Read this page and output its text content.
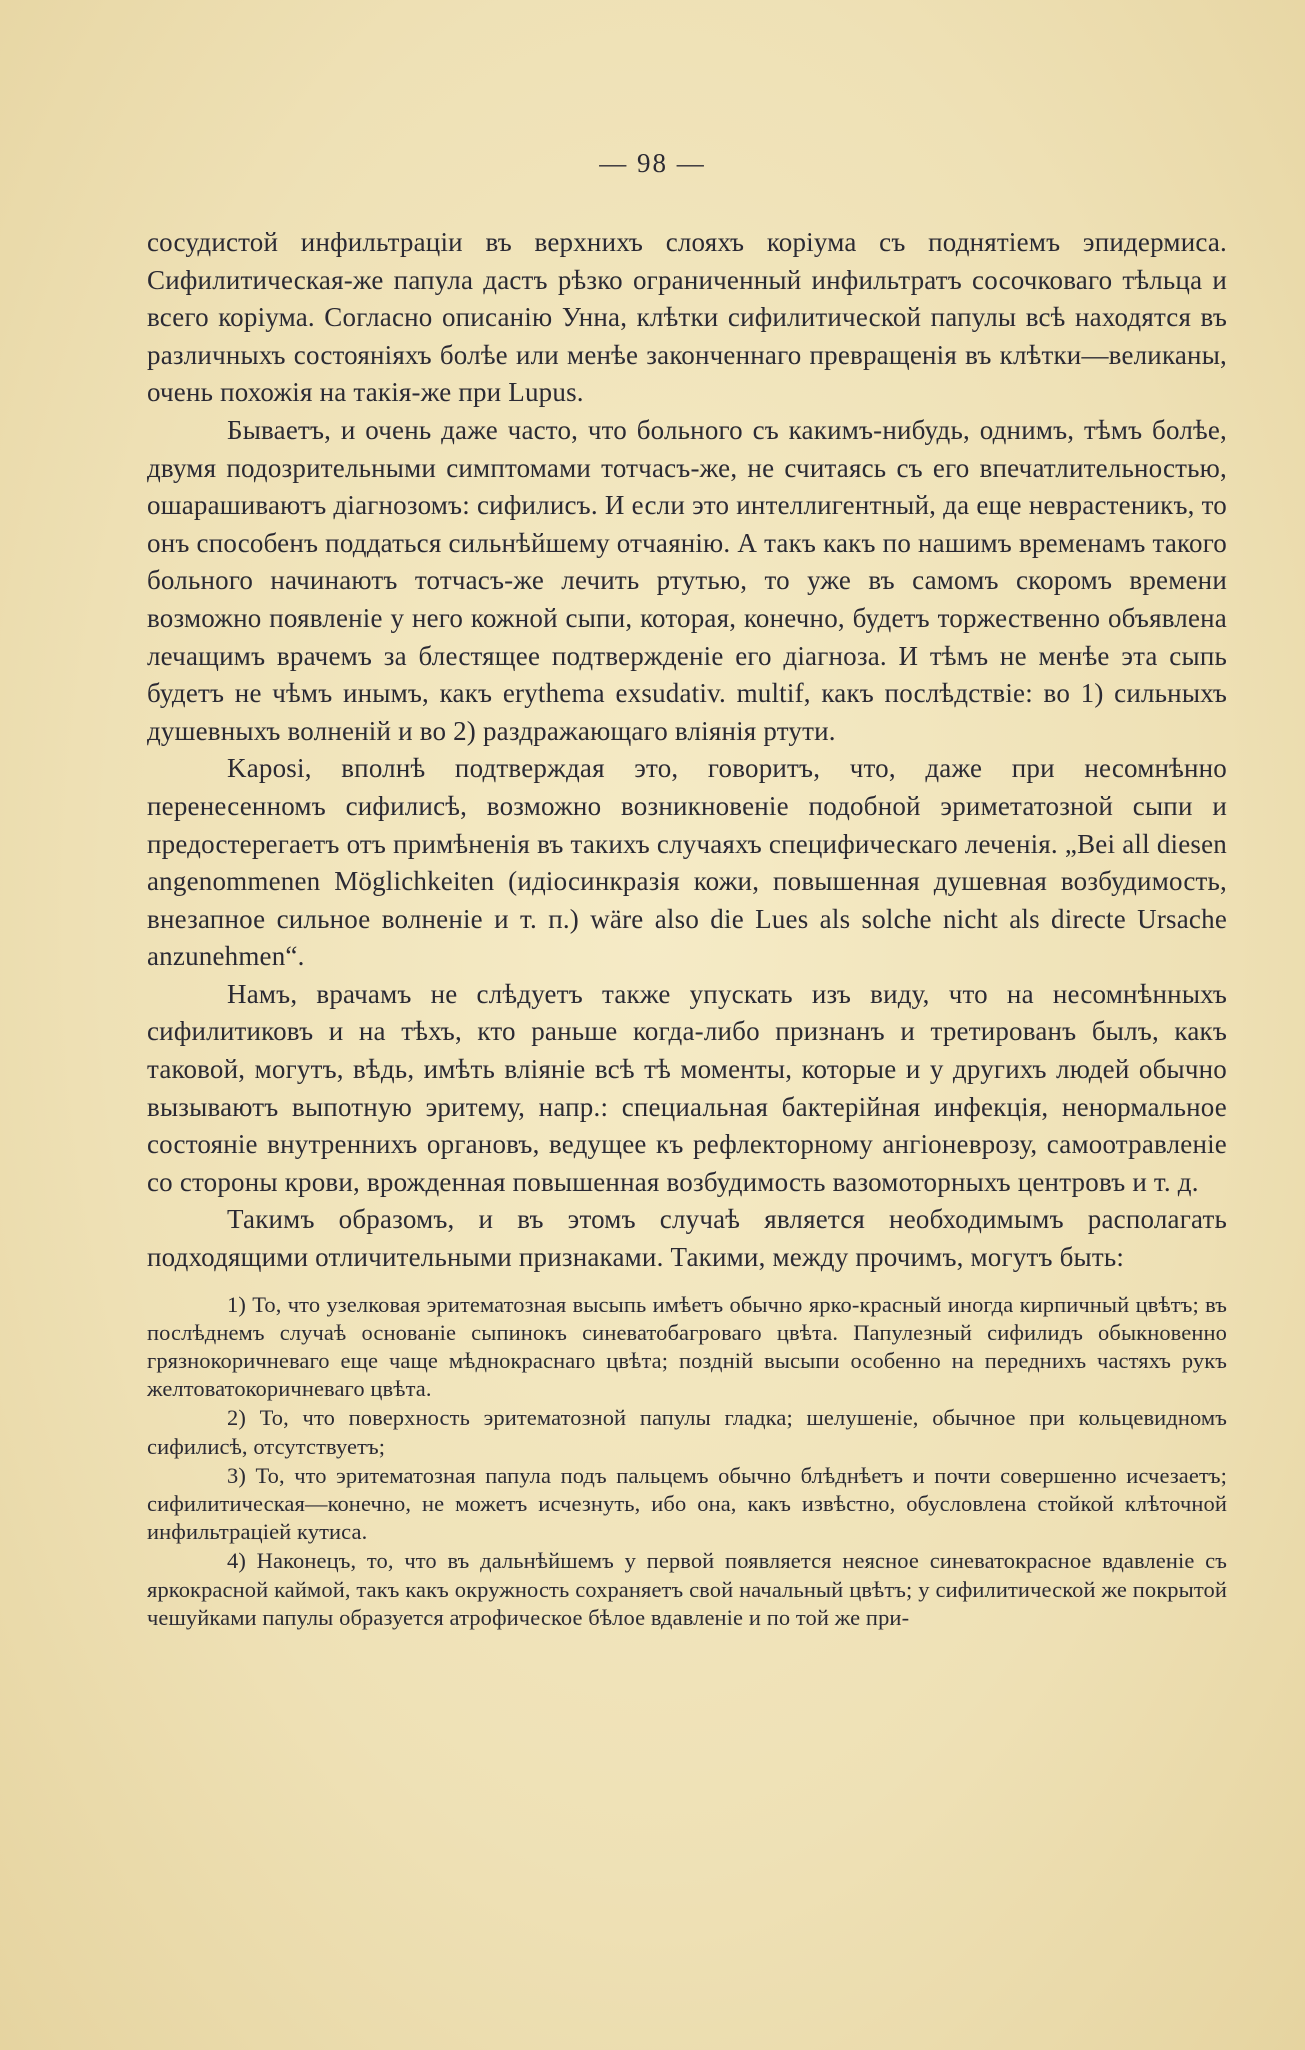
— 98 —

сосудистой инфильтраціи въ верхнихъ слояхъ коріума съ поднятіемъ эпидермиса. Сифилитическая-же папула дастъ рѣзко ограниченный инфильтратъ сосочковаго тѣльца и всего коріума. Согласно описанію Унна, клѣтки сифилитической папулы всѣ находятся въ различныхъ состояніяхъ болѣе или менѣе законченнаго превращенія въ клѣтки—великаны, очень похожія на такія-же при Lupus.

Бываетъ, и очень даже часто, что больного съ какимъ-нибудь, однимъ, тѣмъ болѣе, двумя подозрительными симптомами тотчасъ-же, не считаясь съ его впечатлительностью, ошарашиваютъ діагнозомъ: сифилисъ. И если это интеллигентный, да еще неврастеникъ, то онъ способенъ поддаться сильнѣйшему отчаянію. А такъ какъ по нашимъ временамъ такого больного начинаютъ тотчасъ-же лечить ртутью, то уже въ самомъ скоромъ времени возможно появленіе у него кожной сыпи, которая, конечно, будетъ торжественно объявлена лечащимъ врачемъ за блестящее подтвержденіе его діагноза. И тѣмъ не менѣе эта сыпь будетъ не чѣмъ инымъ, какъ erythema exsudativ. multif, какъ послѣдствіе: во 1) сильныхъ душевныхъ волненій и во 2) раздражающаго вліянія ртути.

Kaposi, вполнѣ подтверждая это, говоритъ, что, даже при несомнѣнно перенесенномъ сифилисѣ, возможно возникновеніе подобной эриметатозной сыпи и предостерегаетъ отъ примѣненія въ такихъ случаяхъ специфическаго леченія. „Bei all diesen angenommenen Möglichkeiten (идіосинкразія кожи, повышенная душевная возбудимость, внезапное сильное волненіе и т. п.) wäre also die Lues als solche nicht als directe Ursache anzunehmen“.

Намъ, врачамъ не слѣдуетъ также упускать изъ виду, что на несомнѣнныхъ сифилитиковъ и на тѣхъ, кто раньше когда-либо признанъ и третированъ былъ, какъ таковой, могутъ, вѣдь, имѣть вліяніе всѣ тѣ моменты, которые и у другихъ людей обычно вызываютъ выпотную эритему, напр.: специальная бактерійная инфекція, ненормальное состояніе внутреннихъ органовъ, ведущее къ рефлекторному ангіоневрозу, самоотравленіе со стороны крови, врожденная повышенная возбудимость вазомоторныхъ центровъ и т. д.

Такимъ образомъ, и въ этомъ случаѣ является необходимымъ располагать подходящими отличительными признаками. Такими, между прочимъ, могутъ быть:

1) То, что узелковая эритематозная высыпь имѣетъ обычно ярко-красный иногда кирпичный цвѣтъ; въ послѣднемъ случаѣ основаніе сыпинокъ синеватобагроваго цвѣта. Папулезный сифилидъ обыкновенно грязнокоричневаго еще чаще мѣднокраснаго цвѣта; поздній высыпи особенно на переднихъ частяхъ рукъ желтоватокоричневаго цвѣта.

2) То, что поверхность эритематозной папулы гладка; шелушеніе, обычное при кольцевидномъ сифилисѣ, отсутствуетъ;

3) То, что эритематозная папула подъ пальцемъ обычно блѣднѣетъ и почти совершенно исчезаетъ; сифилитическая—конечно, не можетъ исчезнуть, ибо она, какъ извѣстно, обусловлена стойкой клѣточной инфильтраціей кутиса.

4) Наконецъ, то, что въ дальнѣйшемъ у первой появляется неясное синеватокрасное вдавленіе съ яркокрасной каймой, такъ какъ окружность сохраняетъ свой начальный цвѣтъ; у сифилитической же покрытой чешуйками папулы образуется атрофическое бѣлое вдавленіе и по той же при-
